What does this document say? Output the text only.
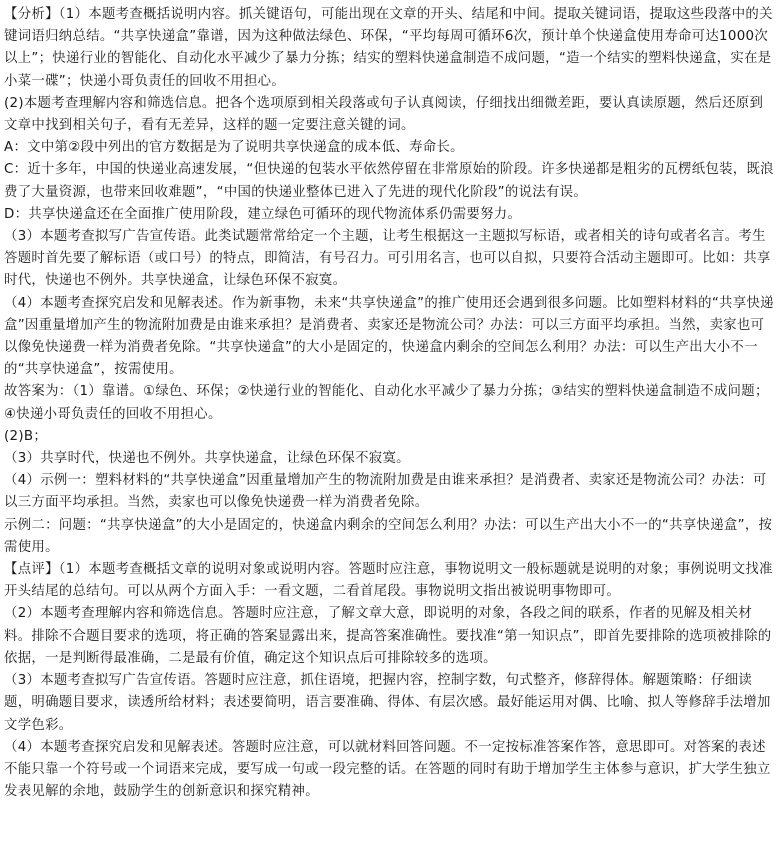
【分析】（1）本题考查概括说明内容。抓关键语句，可能出现在文章的开头、结尾和中间。提取关键词语，提取这些段落中的关键词语归纳总结。“共享快递盒”靠谱，因为这种做法绿色、环保，“平均每周可循环6次，预计单个快递盒使用寿命可达1000次以上”；快递行业的智能化、自动化水平减少了暴力分拣；结实的塑料快递盒制造不成问题，“造一个结实的塑料快递盒，实在是小菜一碟”；快递小哥负责任的回收不用担心。

(2)本题考查理解内容和筛选信息。把各个选项原到相关段落或句子认真阅读，仔细找出细微差距，要认真读原题，然后还原到文章中找到相关句子，看有无差异，这样的题一定要注意关键的词。

A：文中第②段中列出的官方数据是为了说明共享快递盒的成本低、寿命长。

C：近十多年，中国的快递业高速发展，“但快递的包装水平依然停留在非常原始的阶段。许多快递都是粗劣的瓦楞纸包装，既浪费了大量资源，也带来回收难题”，“中国的快递业整体已进入了先进的现代化阶段”的说法有误。

D：共享快递盒还在全面推广使用阶段，建立绿色可循环的现代物流体系仍需要努力。

（3）本题考查拟写广告宣传语。此类试题常常给定一个主题，让考生根据这一主题拟写标语，或者相关的诗句或者名言。考生答题时首先要了解标语（或口号）的特点，即简洁，有号召力。可引用名言，也可以自拟，只要符合活动主题即可。比如：共享时代，快递也不例外。共享快递盒，让绿色环保不寂寞。

（4）本题考查探究启发和见解表述。作为新事物，未来“共享快递盒”的推广使用还会遇到很多问题。比如塑料材料的“共享快递盒”因重量增加产生的物流附加费是由谁来承担？是消费者、卖家还是物流公司？办法：可以三方面平均承担。当然，卖家也可以像免快递费一样为消费者免除。“共享快递盒”的大小是固定的，快递盒内剩余的空间怎么利用？办法：可以生产出大小不一的“共享快递盒”，按需使用。

故答案为：（1）靠谱。①绿色、环保；②快递行业的智能化、自动化水平减少了暴力分拣；③结实的塑料快递盒制造不成问题；④快递小哥负责任的回收不用担心。

(2)B；

（3）共享时代，快递也不例外。共享快递盒，让绿色环保不寂寞。

（4）示例一：塑料材料的“共享快递盒”因重量增加产生的物流附加费是由谁来承担？是消费者、卖家还是物流公司？办法：可以三方面平均承担。当然，卖家也可以像免快递费一样为消费者免除。

示例二：问题：“共享快递盒”的大小是固定的，快递盒内剩余的空间怎么利用？办法：可以生产出大小不一的“共享快递盒”，按需使用。

【点评】（1）本题考查概括文章的说明对象或说明内容。答题时应注意，事物说明文一般标题就是说明的对象；事例说明文找准开头结尾的总结句。可以从两个方面入手：一看文题，二看首尾段。事物说明文指出被说明事物即可。

（2）本题考查理解内容和筛选信息。答题时应注意，了解文章大意，即说明的对象，各段之间的联系，作者的见解及相关材料。排除不合题目要求的选项，将正确的答案显露出来，提高答案准确性。要找准“第一知识点”，即首先要排除的选项被排除的依据，一是判断得最准确，二是最有价值，确定这个知识点后可排除较多的选项。

（3）本题考查拟写广告宣传语。答题时应注意，抓住语境，把握内容，控制字数，句式整齐，修辞得体。解题策略：仔细读题，明确题目要求，读透所给材料；表述要简明，语言要准确、得体、有层次感。最好能运用对偶、比喻、拟人等修辞手法增加文学色彩。

（4）本题考查探究启发和见解表述。答题时应注意，可以就材料回答问题。不一定按标准答案作答，意思即可。对答案的表述不能只靠一个符号或一个词语来完成，要写成一句或一段完整的话。在答题的同时有助于增加学生主体参与意识，扩大学生独立发表见解的余地，鼓励学生的创新意识和探究精神。
